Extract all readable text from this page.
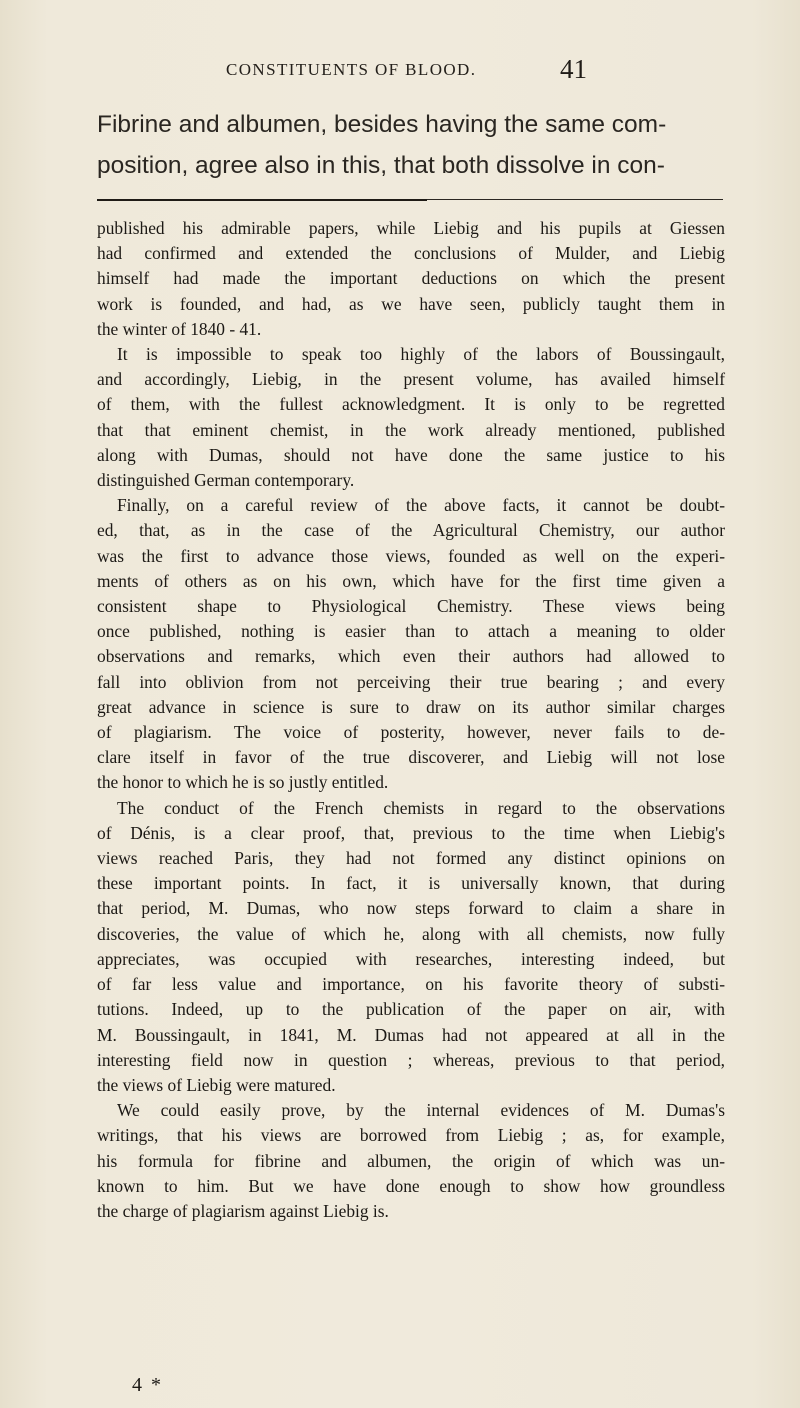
CONSTITUENTS OF BLOOD.	41
Fibrine and albumen, besides having the same com-
position, agree also in this, that both dissolve in con-
published his admirable papers, while Liebig and his pupils at Giessen
had confirmed and extended the conclusions of Mulder, and Liebig
himself had made the important deductions on which the present
work is founded, and had, as we have seen, publicly taught them in
the winter of 1840 - 41.
It is impossible to speak too highly of the labors of Boussingault,
and accordingly, Liebig, in the present volume, has availed himself
of them, with the fullest acknowledgment. It is only to be regretted
that that eminent chemist, in the work already mentioned, published
along with Dumas, should not have done the same justice to his
distinguished German contemporary.
Finally, on a careful review of the above facts, it cannot be doubt-
ed, that, as in the case of the Agricultural Chemistry, our author
was the first to advance those views, founded as well on the experi-
ments of others as on his own, which have for the first time given a
consistent shape to Physiological Chemistry. These views being
once published, nothing is easier than to attach a meaning to older
observations and remarks, which even their authors had allowed to
fall into oblivion from not perceiving their true bearing ; and every
great advance in science is sure to draw on its author similar charges
of plagiarism. The voice of posterity, however, never fails to de-
clare itself in favor of the true discoverer, and Liebig will not lose
the honor to which he is so justly entitled.
The conduct of the French chemists in regard to the observations
of Dénis, is a clear proof, that, previous to the time when Liebig's
views reached Paris, they had not formed any distinct opinions on
these important points. In fact, it is universally known, that during
that period, M. Dumas, who now steps forward to claim a share in
discoveries, the value of which he, along with all chemists, now fully
appreciates, was occupied with researches, interesting indeed, but
of far less value and importance, on his favorite theory of substi-
tutions. Indeed, up to the publication of the paper on air, with
M. Boussingault, in 1841, M. Dumas had not appeared at all in the
interesting field now in question ; whereas, previous to that period,
the views of Liebig were matured.
We could easily prove, by the internal evidences of M. Dumas's
writings, that his views are borrowed from Liebig ; as, for example,
his formula for fibrine and albumen, the origin of which was un-
known to him. But we have done enough to show how groundless
the charge of plagiarism against Liebig is.
4 *
